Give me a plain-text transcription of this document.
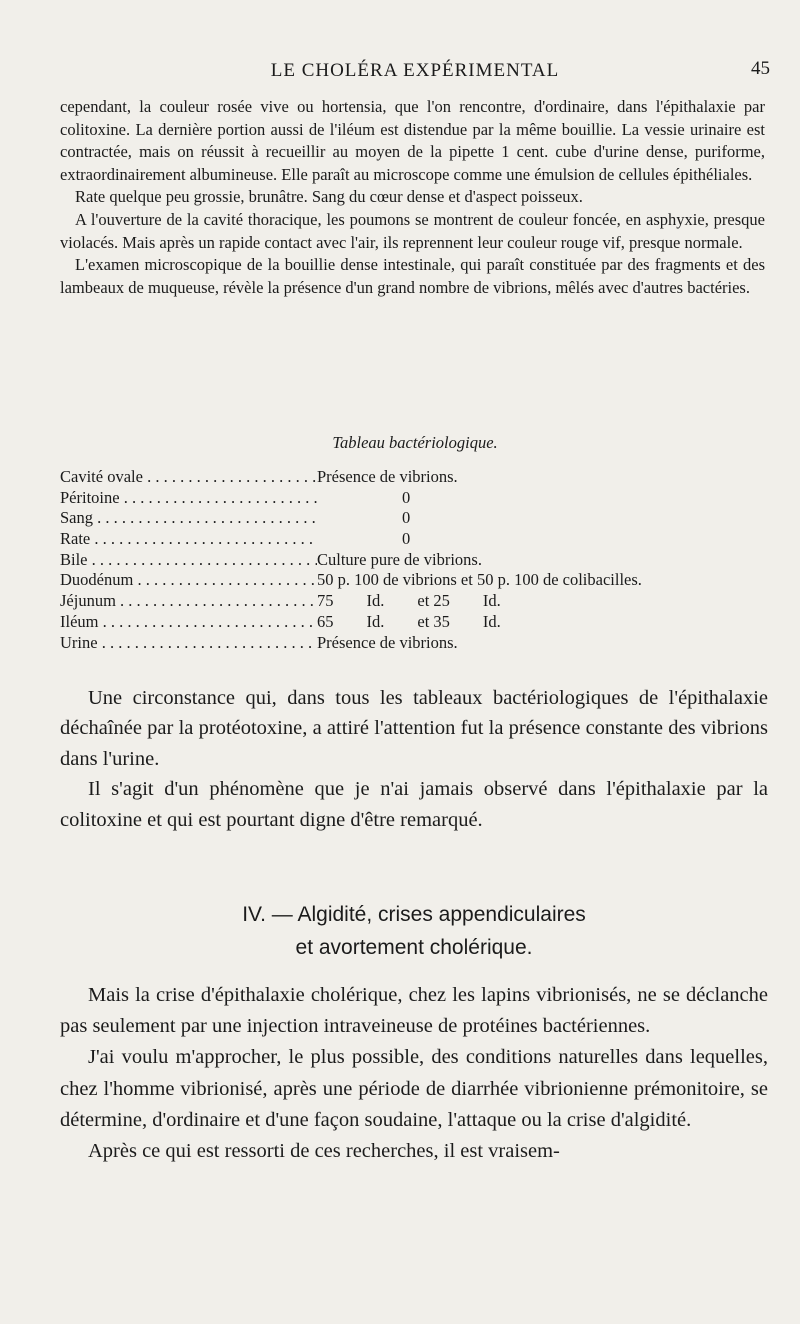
LE CHOLÉRA EXPÉRIMENTAL	45

cependant, la couleur rosée vive ou hortensia, que l'on rencontre, d'ordinaire, dans l'épithalaxie par colitoxine. La dernière portion aussi de l'iléum est distendue par la même bouillie. La vessie urinaire est contractée, mais on réussit à recueillir au moyen de la pipette 1 cent. cube d'urine dense, puriforme, extraordinairement albumineuse. Elle paraît au microscope comme une émulsion de cellules épithéliales.

Rate quelque peu grossie, brunâtre. Sang du cœur dense et d'aspect poisseux.

A l'ouverture de la cavité thoracique, les poumons se montrent de couleur foncée, en asphyxie, presque violacés. Mais après un rapide contact avec l'air, ils reprennent leur couleur rouge vif, presque normale.

L'examen microscopique de la bouillie dense intestinale, qui paraît constituée par des fragments et des lambeaux de muqueuse, révèle la présence d'un grand nombre de vibrions, mêlés avec d'autres bactéries.

Tableau bactériologique.
Cavité ovale . . .	Présence de vibrions.
Péritoine . . .	0
Sang . . .	0
Rate . . .	0
Bile . . .	Culture pure de vibrions.
Duodénum . . .	50 p. 100 de vibrions et 50 p. 100 de colibacilles.
Jéjunum . . .	75        Id.        et 25        Id.
Iléum . . .	65        Id.        et 35        Id.
Urine . . .	Présence de vibrions.

Une circonstance qui, dans tous les tableaux bactériologiques de l'épithalaxie déchaînée par la protéotoxine, a attiré l'attention fut la présence constante des vibrions dans l'urine.

Il s'agit d'un phénomène que je n'ai jamais observé dans l'épithalaxie par la colitoxine et qui est pourtant digne d'être remarqué.

IV. — Algidité, crises appendiculaires
et avortement cholérique.

Mais la crise d'épithalaxie cholérique, chez les lapins vibrionisés, ne se déclanche pas seulement par une injection intraveineuse de protéines bactériennes.

J'ai voulu m'approcher, le plus possible, des conditions naturelles dans lequelles, chez l'homme vibrionisé, après une période de diarrhée vibrionienne prémonitoire, se détermine, d'ordinaire et d'une façon soudaine, l'attaque ou la crise d'algidité.

Après ce qui est ressorti de ces recherches, il est vraisem-
